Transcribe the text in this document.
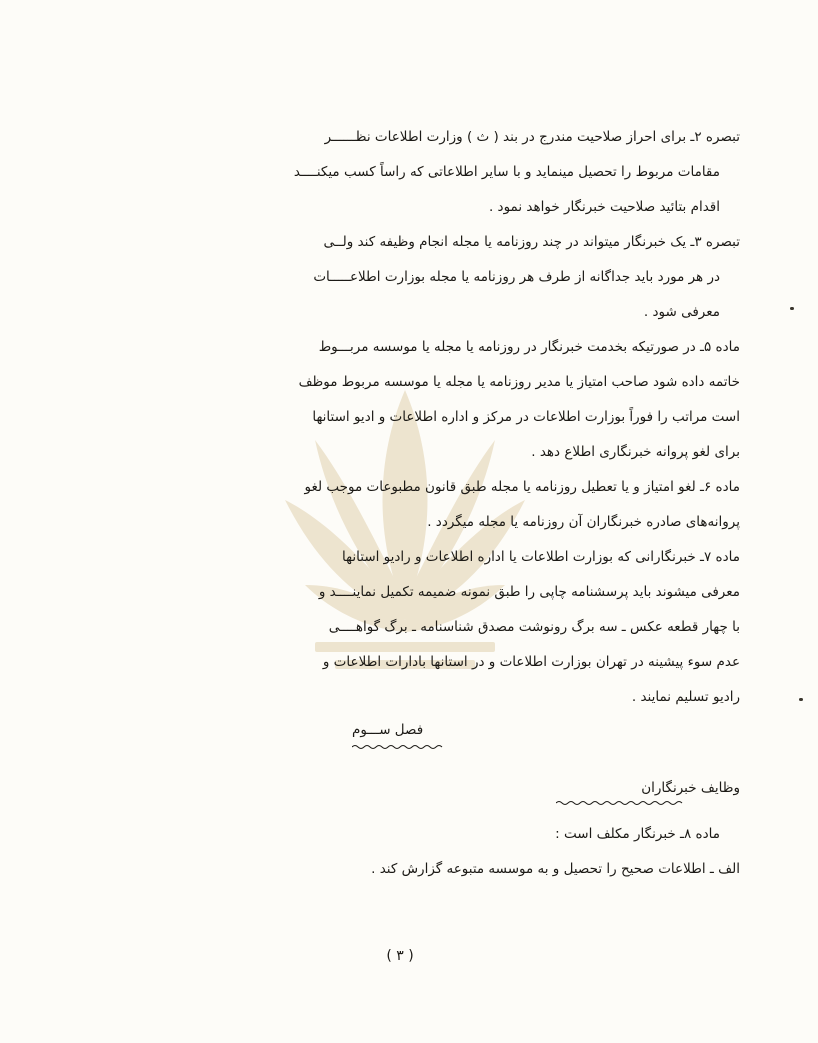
تبصره ۲ـ برای احراز صلاحیت مندرج در بند ( ث ) وزارت اطلاعات نظــــــر
مقامات مربوط را تحصیل مینماید و با سایر اطلاعاتی که راساً کسب میکنــــد
اقدام بتائید صلاحیت خبرنگار خواهد نمود .
تبصره ۳ـ یک خبرنگار میتواند در چند روزنامه یا مجله انجام وظیفه کند ولــی
در هر مورد باید جداگانه از طرف هر روزنامه یا مجله بوزارت اطلاعـــــات
معرفی شود .
ماده ۵ـ در صورتیکه بخدمت خبرنگار در روزنامه یا مجله یا موسسه مربـــوط
خاتمه داده شود صاحب امتیاز یا مدیر روزنامه یا مجله یا موسسه مربوط موظف
است مراتب را فوراً بوزارت اطلاعات در مرکز و اداره اطلاعات و ادیو استانها
برای لغو پروانه خبرنگاری اطلاع دهد .
ماده ۶ـ لغو امتیاز و یا تعطیل روزنامه یا مجله طبق قانون مطبوعات موجب لغو
پروانه‌های صادره خبرنگاران آن روزنامه یا مجله میگردد .
ماده ۷ـ خبرنگارانی که بوزارت اطلاعات یا اداره اطلاعات و رادیو استانها
معرفی میشوند باید پرسشنامه چاپی را طبق نمونه ضمیمه تکمیل نماینــــد و
با چهار قطعه عکس ـ سه برگ رونوشت مصدق شناسنامه ـ برگ گواهــــی
عدم سوء پیشینه در تهران بوزارت اطلاعات و در استانها بادارات اطلاعات و
رادیو تسلیم نمایند .
فصل ســـوم
وظایف خبرنگاران
ماده ۸ـ خبرنگار مکلف است :
الف ـ اطلاعات صحیح را تحصیل و به موسسه متبوعه گزارش کند .
( ۳ )
